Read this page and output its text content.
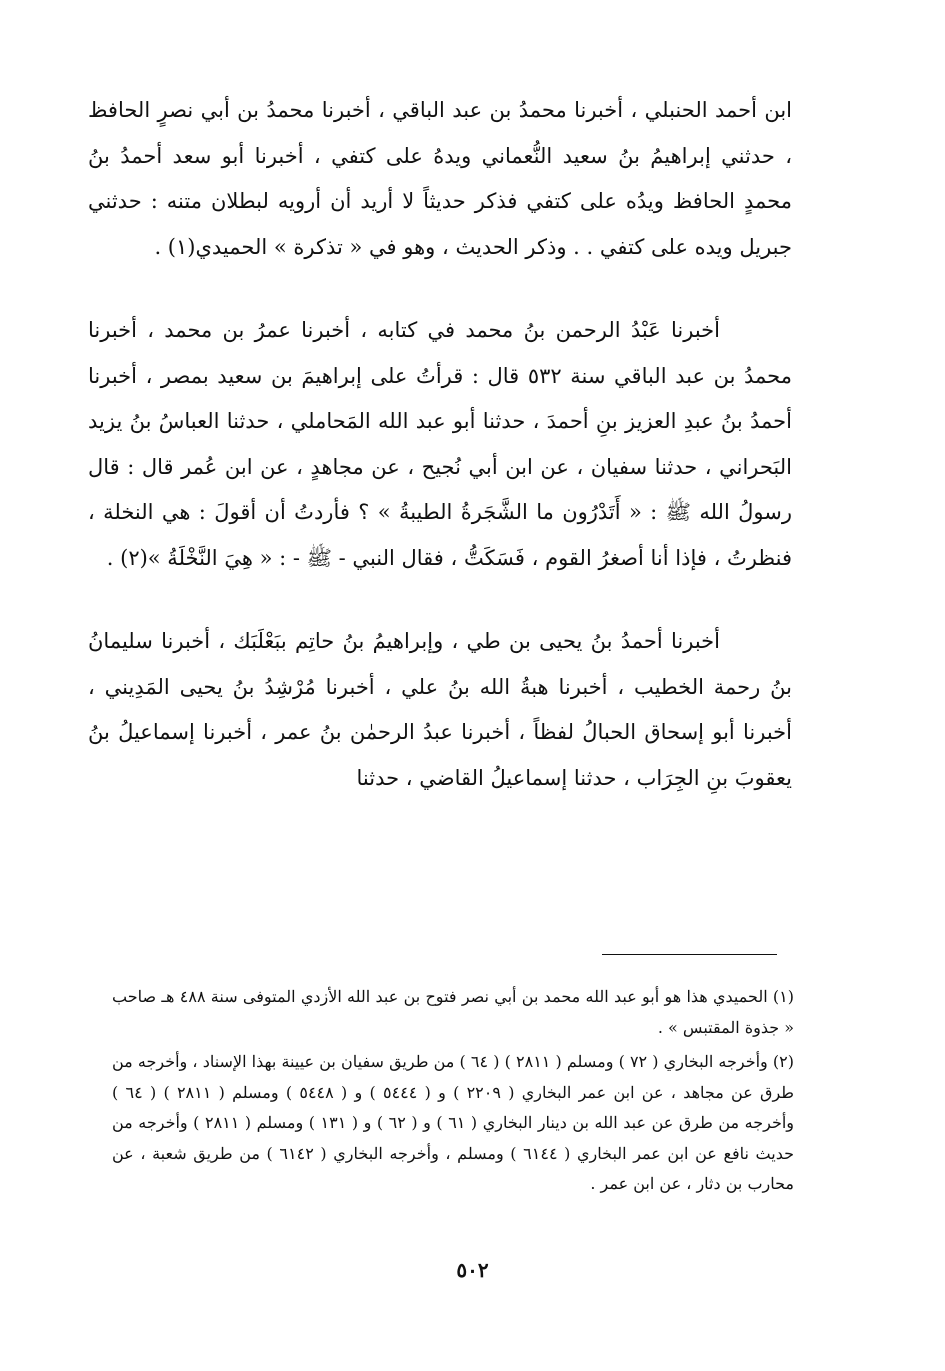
ابن أحمد الحنبلي ، أخبرنا محمدُ بن عبد الباقي ، أخبرنا محمدُ بن أبي نصرٍ الحافظ ، حدثني إبراهيمُ بنُ سعيد النُّعماني ويدهُ على كتفي ، أخبرنا أبو سعد أحمدُ بنُ محمدٍ الحافظ ويدُه على كتفي فذكر حديثاً لا أريد أن أرويه لبطلان متنه : حدثني جبريل ويده على كتفي . . وذكر الحديث ، وهو في « تذكرة » الحميدي(١) .

أخبرنا عَبْدُ الرحمن بنُ محمد في كتابه ، أخبرنا عمرُ بن محمد ، أخبرنا محمدُ بن عبد الباقي سنة ٥٣٢ قال : قرأتُ على إبراهيمَ بن سعيد بمصر ، أخبرنا أحمدُ بنُ عبدِ العزيز بنِ أحمدَ ، حدثنا أبو عبد الله المَحاملي ، حدثنا العباسُ بنُ يزيد البَحراني ، حدثنا سفيان ، عن ابن أبي نُجيح ، عن مجاهدٍ ، عن ابن عُمر قال : قال رسولُ الله ﷺ : « أَتَدْرُون ما الشَّجَرةُ الطيبةُ » ؟ فأردتُ أن أقولَ : هي النخلة ، فنظرتُ ، فإذا أنا أصغرُ القوم ، فَسَكَتُّ ، فقال النبي - ﷺ - : « هِيَ النَّخْلَةُ »(٢) .

أخبرنا أحمدُ بنُ يحيى بن طي ، وإبراهيمُ بنُ حاتِم ببَعْلَبَك ، أخبرنا سليمانُ بنُ رحمة الخطيب ، أخبرنا هبةُ الله بنُ علي ، أخبرنا مُرْشِدُ بنُ يحيى المَدِيني ، أخبرنا أبو إسحاق الحبالُ لفظاً ، أخبرنا عبدُ الرحمٰن بنُ عمر ، أخبرنا إسماعيلُ بنُ يعقوبَ بنِ الجِرَاب ، حدثنا إسماعيلُ القاضي ، حدثنا

(١) الحميدي هذا هو أبو عبد الله محمد بن أبي نصر فتوح بن عبد الله الأزدي المتوفى سنة ٤٨٨ هـ صاحب « جذوة المقتبس » .

(٢) وأخرجه البخاري ( ٧٢ ) ومسلم ( ٢٨١١ ) ( ٦٤ ) من طريق سفيان بن عيينة بهذا الإسناد ، وأخرجه من طرق عن مجاهد ، عن ابن عمر البخاري ( ٢٢٠٩ ) و ( ٥٤٤٤ ) و ( ٥٤٤٨ ) ومسلم ( ٢٨١١ ) ( ٦٤ ) وأخرجه من طرق عن عبد الله بن دينار البخاري ( ٦١ ) و ( ٦٢ ) و ( ١٣١ ) ومسلم ( ٢٨١١ ) وأخرجه من حديث نافع عن ابن عمر البخاري ( ٦١٤٤ ) ومسلم ، وأخرجه البخاري ( ٦١٤٢ ) من طريق شعبة ، عن محارب بن دثار ، عن ابن عمر .

٥٠٢
